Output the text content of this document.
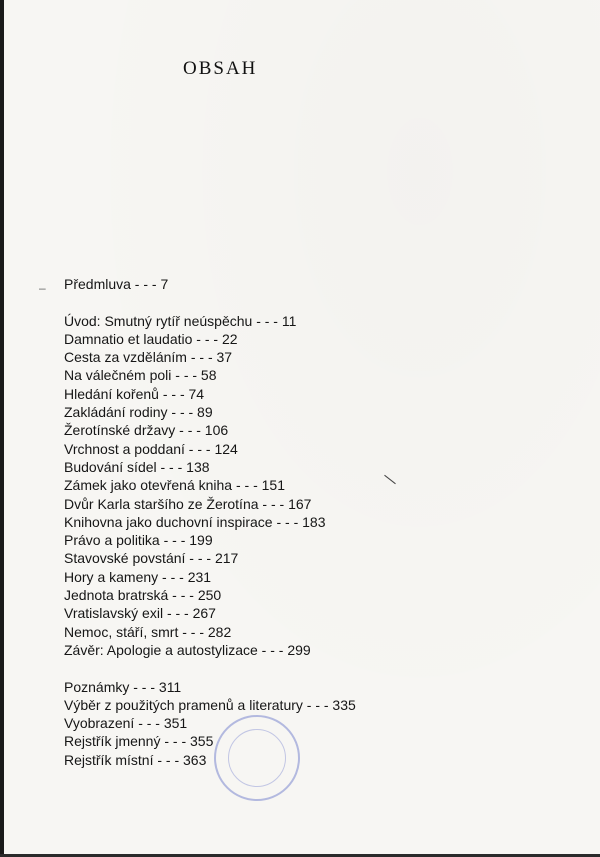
OBSAH
– Předmluva - - - 7
Úvod: Smutný rytíř neúspěchu - - - 11
Damnatio et laudatio - - - 22
Cesta za vzděláním - - - 37
Na válečném poli - - - 58
Hledání kořenů - - - 74
Zakládání rodiny - - - 89
Žerotínské državy - - - 106
Vrchnost a poddaní - - - 124
Budování sídel - - - 138
Zámek jako otevřená kniha - - - 151
Dvůr Karla staršího ze Žerotína - - - 167
Knihovna jako duchovní inspirace - - - 183
Právo a politika - - - 199
Stavovské povstání - - - 217
Hory a kameny - - - 231
Jednota bratrská - - - 250
Vratislavský exil - - - 267
Nemoc, stáří, smrt - - - 282
Závěr: Apologie a autostylizace - - - 299
Poznámky - - - 311
Výběr z použitých pramenů a literatury - - - 335
Vyobrazení - - - 351
Rejstřík jmenný - - - 355
Rejstřík místní - - - 363
